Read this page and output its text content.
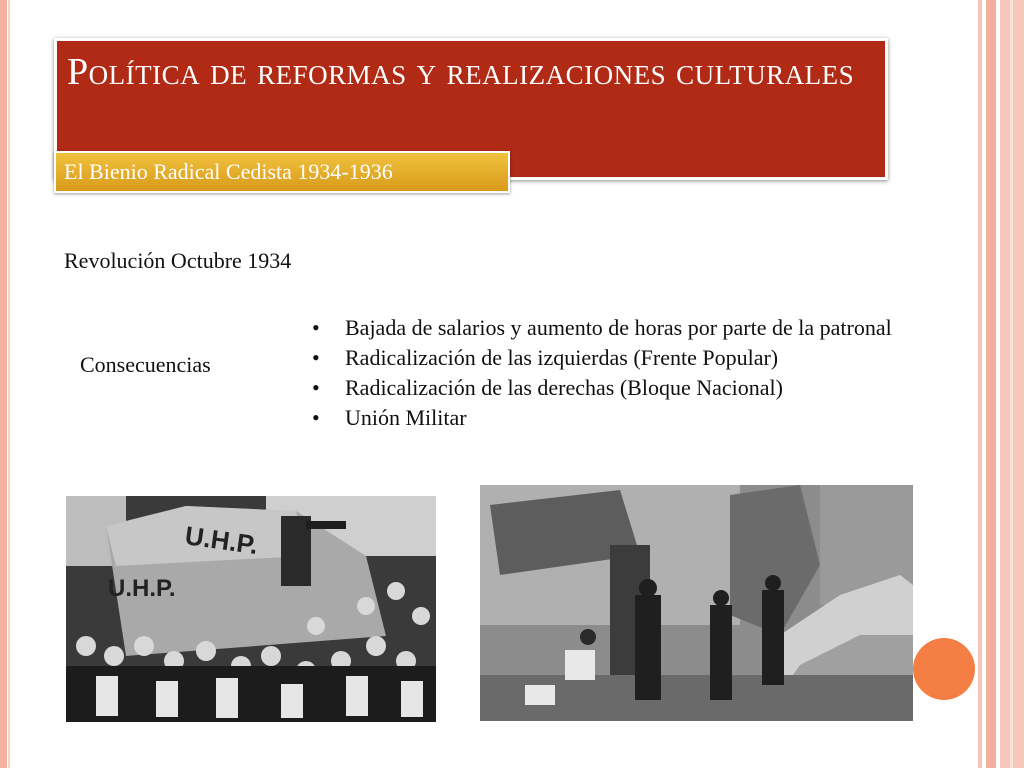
Política de reformas y realizaciones culturales
El Bienio Radical Cedista 1934-1936
Revolución Octubre 1934
Consecuencias
• Bajada de salarios y aumento de horas por parte de la patronal
• Radicalización de las izquierdas (Frente Popular)
• Radicalización de las derechas (Bloque Nacional)
• Unión Militar
U.H.P.
U.H.P.
